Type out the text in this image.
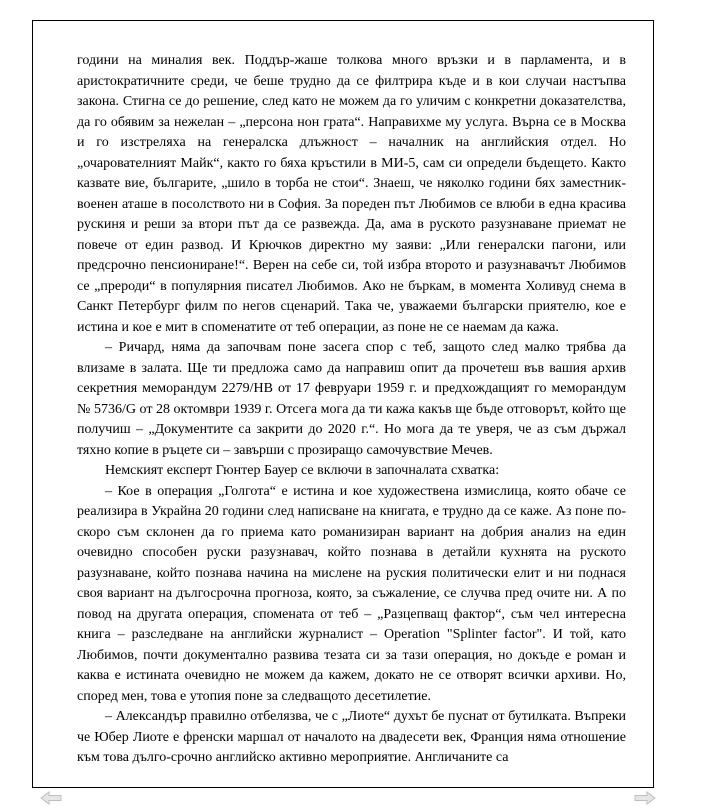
години на миналия век. Поддър-жаше толкова много връзки и в парламента, и в аристократичните среди, че беше трудно да се филтрира къде и в кои случаи настъпва закона. Стигна се до решение, след като не можем да го уличим с конкретни доказателства, да го обявим за нежелан – „персона нон грата“. Направихме му услуга. Върна се в Москва и го изстреляха на генералска длъжност – началник на английския отдел. Но „очарователният Майк“, както го бяха кръстили в МИ-5, сам си определи бъдещето. Както казвате вие, българите, „шило в торба не стои“. Знаеш, че няколко години бях заместник-военен аташе в посолството ни в София. За пореден път Любимов се влюби в една красива рускиня и реши за втори път да се развежда. Да, ама в руското разузнаване приемат не повече от един развод. И Крючков директно му заяви: „Или генералски пагони, или предсрочно пенсиониране!“. Верен на себе си, той избра второто и разузнавачът Любимов се „прероди“ в популярния писател Любимов. Ако не бъркам, в момента Холивуд снема в Санкт Петербург филм по негов сценарий. Така че, уважаеми български приятелю, кое е истина и кое е мит в споменатите от теб операции, аз поне не се наемам да кажа.

– Ричард, няма да започвам поне засега спор с теб, защото след малко трябва да влизаме в залата. Ще ти предложа само да направиш опит да прочетеш във вашия архив секретния меморандум 2279/НВ от 17 февруари 1959 г. и предхождащият го меморандум № 5736/G от 28 октомври 1939 г. Отсега мога да ти кажа какъв ще бъде отговорът, който ще получиш – „Документите са закрити до 2020 г.“. Но мога да те уверя, че аз съм държал тяхно копие в ръцете си – завърши с прозиращо самочувствие Мечев.

Немският експерт Гюнтер Бауер се включи в започналата схватка:

– Кое в операция „Голгота“ е истина и кое художествена измислица, която обаче се реализира в Украйна 20 години след написване на книгата, е трудно да се каже. Аз поне по-скоро съм склонен да го приема като романизиран вариант на добрия анализ на един очевидно способен руски разузнавач, който познава в детайли кухнята на руското разузнаване, който познава начина на мислене на руския политически елит и ни поднася своя вариант на дългосрочна прогноза, която, за съжаление, се случва пред очите ни. А по повод на другата операция, спомената от теб – „Разцепващ фактор“, съм чел интересна книга – разследване на английски журналист – Operation "Splinter factor". И той, като Любимов, почти документално развива тезата си за тази операция, но докъде е роман и каква е истината очевидно не можем да кажем, докато не се отворят всички архиви. Но, според мен, това е утопия поне за следващото десетилетие.

– Александър правилно отбелязва, че с „Лиоте“ духът бе пуснат от бутилката. Въпреки че Юбер Лиоте е френски маршал от началото на двадесети век, Франция няма отношение към това дълго-срочно английско активно мероприятие. Англичаните са
